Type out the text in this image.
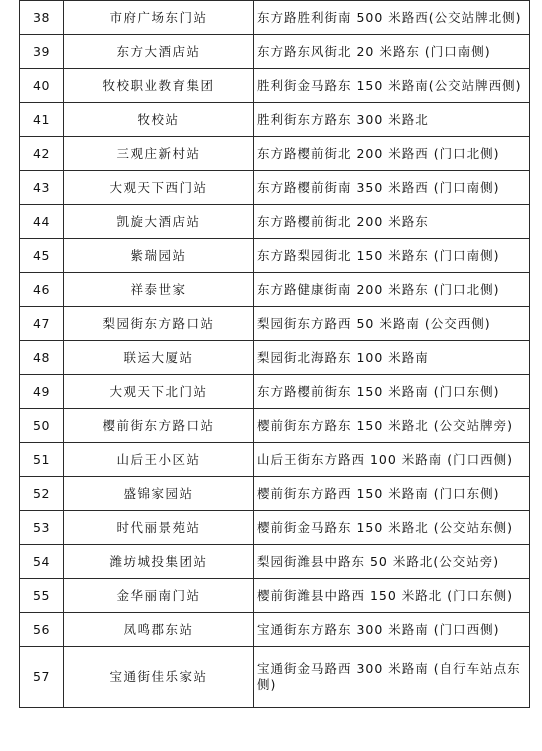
38	市府广场东门站	东方路胜利街南 500 米路西(公交站牌北侧)
39	东方大酒店站	东方路东风街北 20 米路东 (门口南侧)
40	牧校职业教育集团	胜利街金马路东 150 米路南(公交站牌西侧)
41	牧校站	胜利街东方路东 300 米路北
42	三观庄新村站	东方路樱前街北 200 米路西 (门口北侧)
43	大观天下西门站	东方路樱前街南 350 米路西 (门口南侧)
44	凯旋大酒店站	东方路樱前街北 200 米路东
45	紫瑞园站	东方路梨园街北 150 米路东 (门口南侧)
46	祥泰世家	东方路健康街南 200 米路东 (门口北侧)
47	梨园街东方路口站	梨园街东方路西 50 米路南 (公交西侧)
48	联运大厦站	梨园街北海路东 100 米路南
49	大观天下北门站	东方路樱前街东 150 米路南 (门口东侧)
50	樱前街东方路口站	樱前街东方路东 150 米路北 (公交站牌旁)
51	山后王小区站	山后王街东方路西 100 米路南 (门口西侧)
52	盛锦家园站	樱前街东方路西 150 米路南 (门口东侧)
53	时代丽景苑站	樱前街金马路东 150 米路北 (公交站东侧)
54	潍坊城投集团站	梨园街潍县中路东 50 米路北(公交站旁)
55	金华丽南门站	樱前街潍县中路西 150 米路北 (门口东侧)
56	凤鸣郡东站	宝通街东方路东 300 米路南 (门口西侧)
57	宝通街佳乐家站	宝通街金马路西 300 米路南 (自行车站点东侧)
